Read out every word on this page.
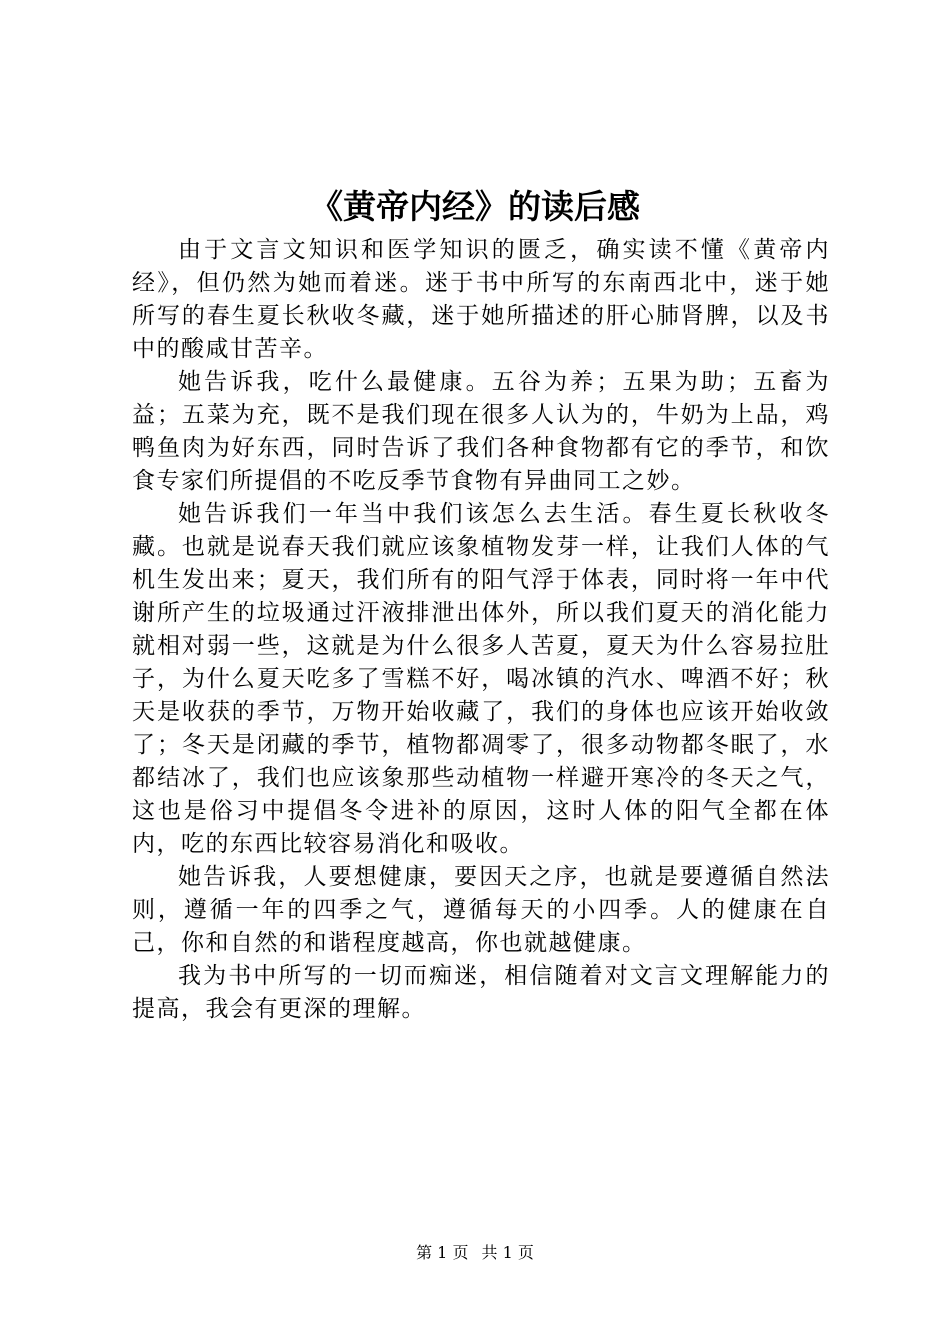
《黄帝内经》的读后感

由于文言文知识和医学知识的匮乏，确实读不懂《黄帝内经》，但仍然为她而着迷。迷于书中所写的东南西北中，迷于她所写的春生夏长秋收冬藏，迷于她所描述的肝心肺肾脾，以及书中的酸咸甘苦辛。

她告诉我，吃什么最健康。五谷为养；五果为助；五畜为益；五菜为充，既不是我们现在很多人认为的，牛奶为上品，鸡鸭鱼肉为好东西，同时告诉了我们各种食物都有它的季节，和饮食专家们所提倡的不吃反季节食物有异曲同工之妙。

她告诉我们一年当中我们该怎么去生活。春生夏长秋收冬藏。也就是说春天我们就应该象植物发芽一样，让我们人体的气机生发出来；夏天，我们所有的阳气浮于体表，同时将一年中代谢所产生的垃圾通过汗液排泄出体外，所以我们夏天的消化能力就相对弱一些，这就是为什么很多人苦夏，夏天为什么容易拉肚子，为什么夏天吃多了雪糕不好，喝冰镇的汽水、啤酒不好；秋天是收获的季节，万物开始收藏了，我们的身体也应该开始收敛了；冬天是闭藏的季节，植物都凋零了，很多动物都冬眠了，水都结冰了，我们也应该象那些动植物一样避开寒冷的冬天之气，这也是俗习中提倡冬令进补的原因，这时人体的阳气全都在体内，吃的东西比较容易消化和吸收。

她告诉我，人要想健康，要因天之序，也就是要遵循自然法则，遵循一年的四季之气，遵循每天的小四季。人的健康在自己，你和自然的和谐程度越高，你也就越健康。

我为书中所写的一切而痴迷，相信随着对文言文理解能力的提高，我会有更深的理解。

第 1 页 共 1 页
